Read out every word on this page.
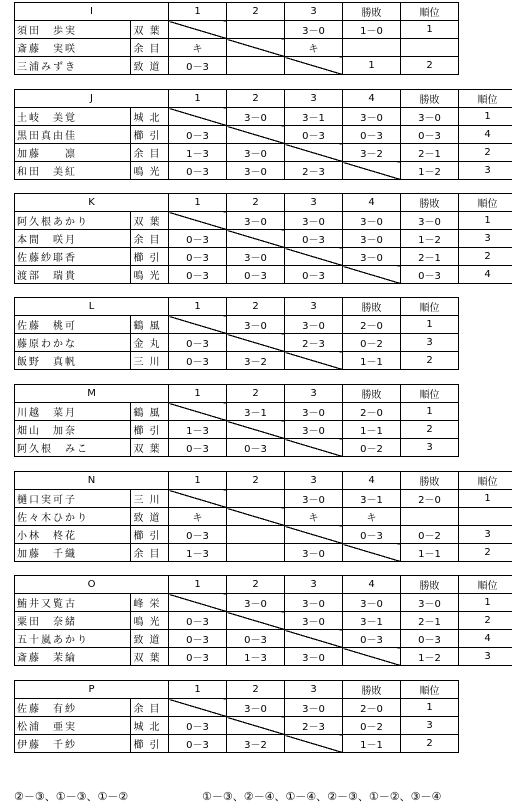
I		1	2	3	勝敗	順位
須田　歩実	双葉			3－0	1－0	1
斎藤　実咲	余目	キ		キ		
三浦みずき	致道	0－3			1	2
J		1	2	3	4	勝敗	順位
土岐　美覚	城北		3－0	3－1	3－0	3－0	1
黒田真由佳	櫛引	0－3		0－3	0－3	0－3	4
加藤　　凛	余目	1－3	3－0		3－2	2－1	2
和田　美紅	鳴光	0－3	3－0	2－3		1－2	3
K		1	2	3	4	勝敗	順位
阿久根あかり	双葉		3－0	3－0	3－0	3－0	1
本間　咲月	余目	0－3		0－3	3－0	1－2	3
佐藤紗耶香	櫛引	0－3	3－0		3－0	2－1	2
渡部　瑞貴	鳴光	0－3	0－3	0－3		0－3	4
L		1	2	3	勝敗	順位
佐藤　桃可	鶴風		3－0	3－0	2－0	1
藤原わかな	金丸	0－3		2－3	0－2	3
飯野　真帆	三川	0－3	3－2		1－1	2
M		1	2	3	勝敗	順位
川越　菜月	鶴風		3－1	3－0	2－0	1
畑山　加奈	櫛引	1－3		3－0	1－1	2
阿久根　みこ	双葉	0－3	0－3		0－2	3
N		1	2	3	4	勝敗	順位
樋口実可子	三川			3－0	3－1	2－0	1
佐々木ひかり	致道	キ		キ	キ		
小林　柊花	櫛引	0－3			0－3	0－2	3
加藤　千織	余目	1－3		3－0		1－1	2
O		1	2	3	4	勝敗	順位
鮪井又覧古	峰栄		3－0	3－0	3－0	3－0	1
粟田　奈緒	鳴光	0－3		3－0	3－1	2－1	2
五十嵐あかり	致道	0－3	0－3		0－3	0－3	4
斎藤　茉綸	双葉	0－3	1－3	3－0		1－2	3
P		1	2	3	勝敗	順位
佐藤　有紗	余目		3－0	3－0	2－0	1
松浦　亜実	城北	0－3		2－3	0－2	3
伊藤　千紗	櫛引	0－3	3－2		1－1	2
②－③、①－③、①－②	①－③、②－④、①－④、②－③、①－②、③－④
